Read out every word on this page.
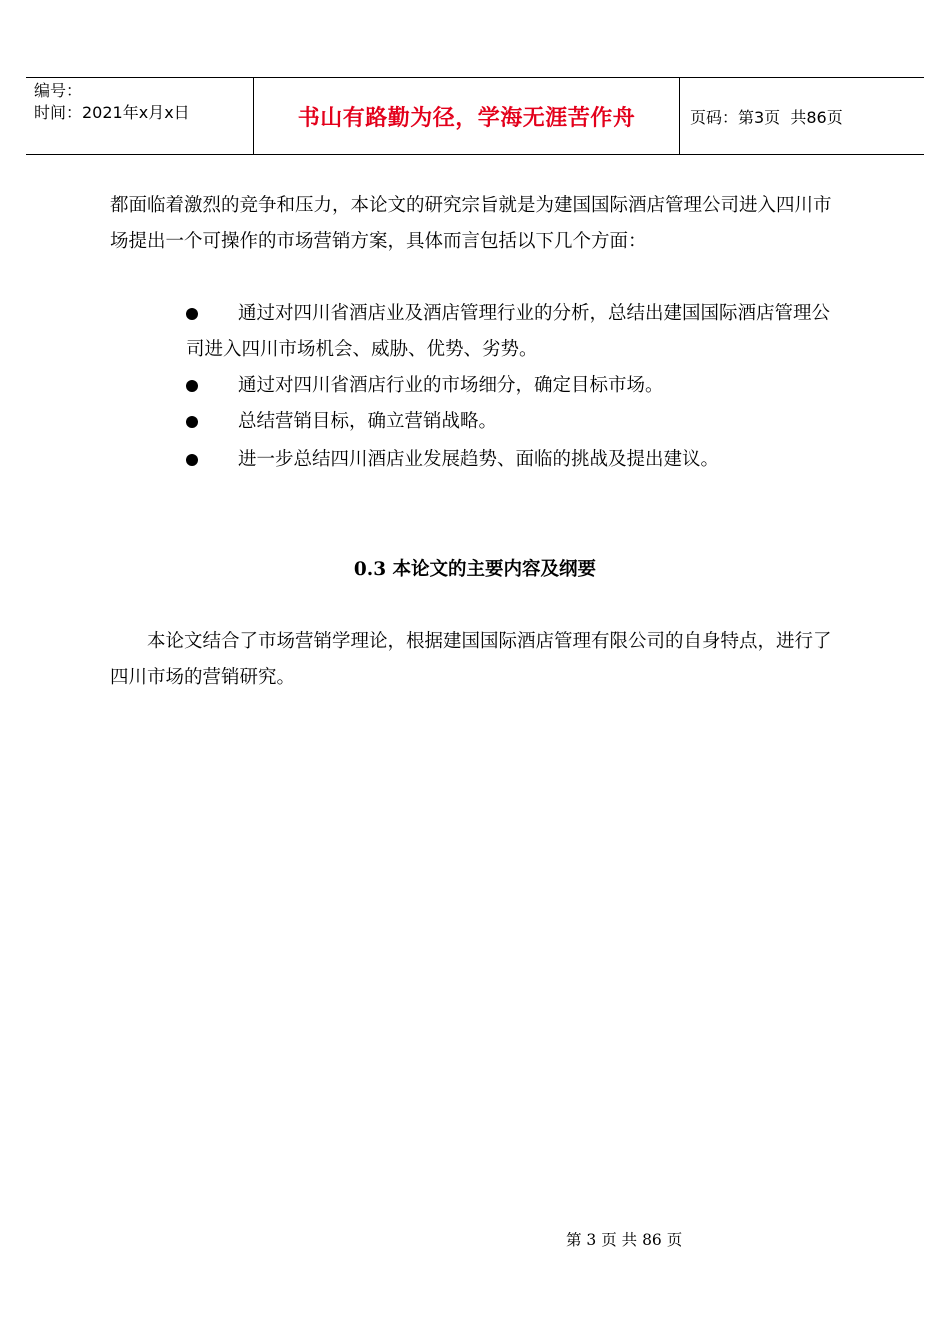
编号：
时间：2021年x月x日	书山有路勤为径，学海无涯苦作舟	页码：第3页  共86页

都面临着激烈的竞争和压力，本论文的研究宗旨就是为建国国际酒店管理公司进入四川市场提出一个可操作的市场营销方案，具体而言包括以下几个方面：

通过对四川省酒店业及酒店管理行业的分析，总结出建国国际酒店管理公司进入四川市场机会、威胁、优势、劣势。
通过对四川省酒店行业的市场细分，确定目标市场。
总结营销目标，确立营销战略。
进一步总结四川酒店业发展趋势、面临的挑战及提出建议。
0.3 本论文的主要内容及纲要

本论文结合了市场营销学理论，根据建国国际酒店管理有限公司的自身特点，进行了四川市场的营销研究。

第 3 页 共 86 页
